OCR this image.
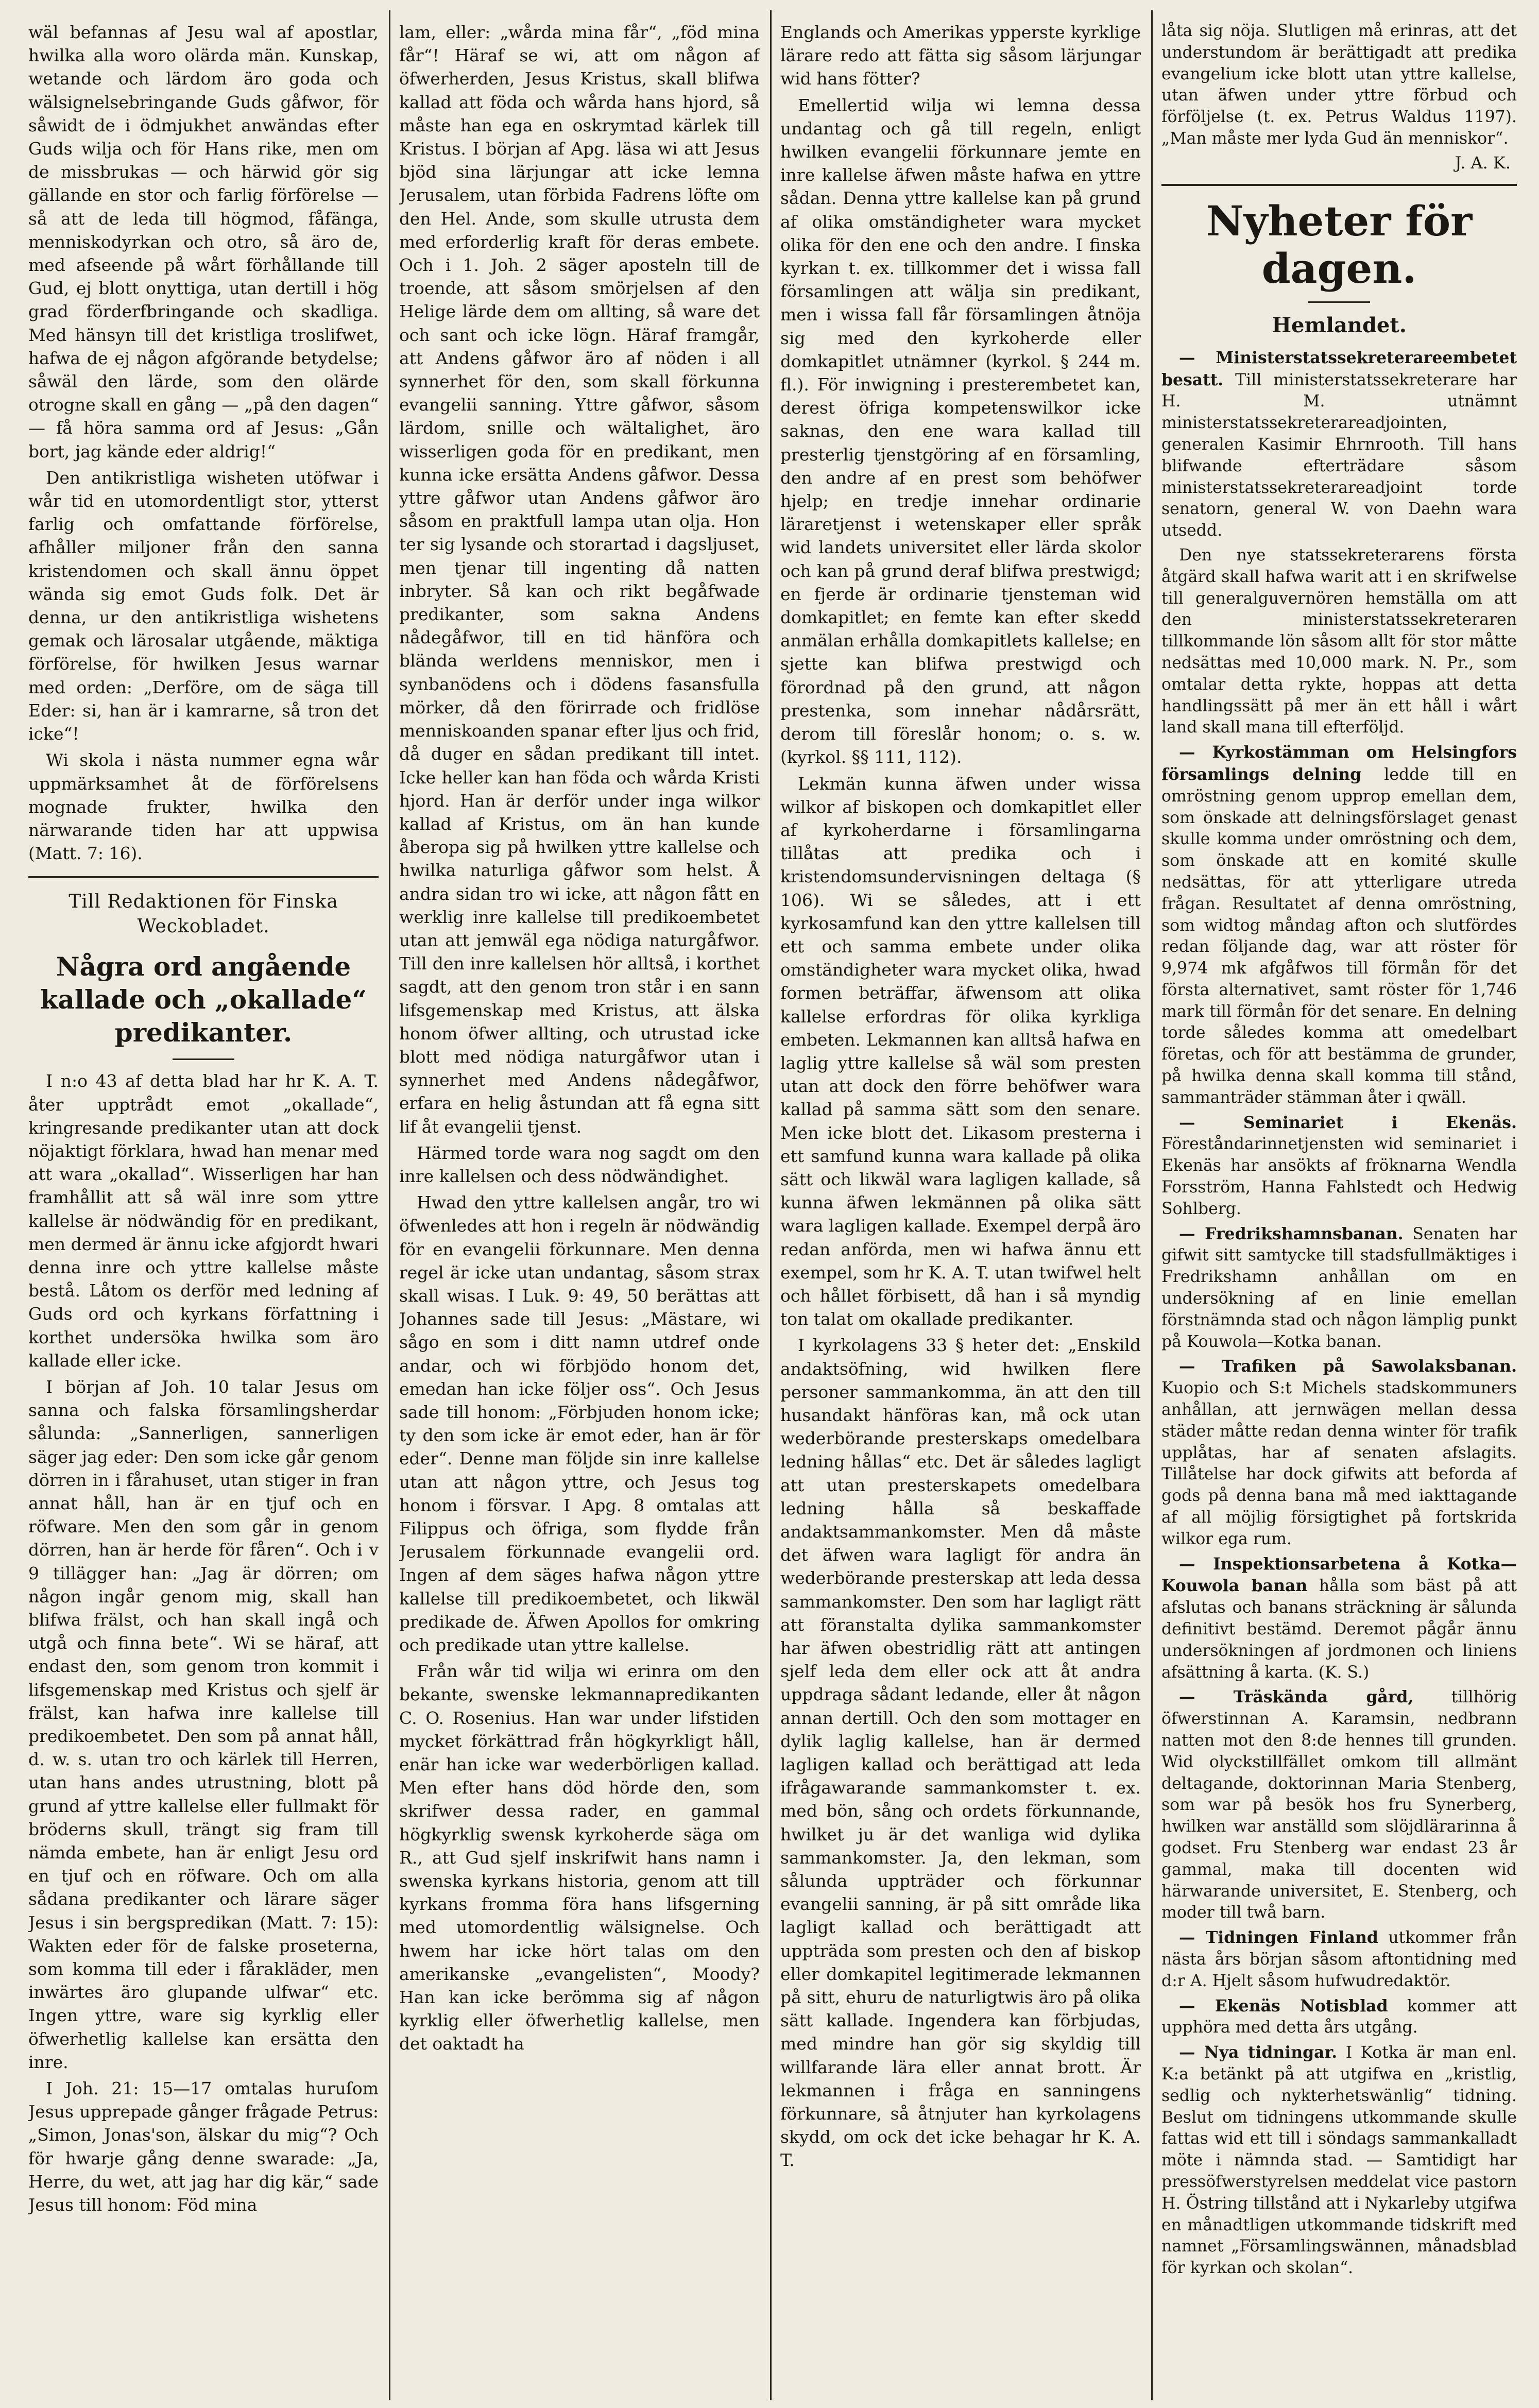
wäl befannas af Jesu wal af apostlar, hwilka alla woro olärda män. Kunskap, wetande och lärdom äro goda och wälsignelsebringande Guds gåfwor, för såwidt de i ödmjukhet anwändas efter Guds wilja och för Hans rike, men om de missbrukas — och härwid gör sig gällande en stor och farlig förförelse — så att de leda till högmod, fåfänga, menniskodyrkan och otro, så äro de, med afseende på wårt förhållande till Gud, ej blott onyttiga, utan dertill i hög grad förderfbringande och skadliga. Med hänsyn till det kristliga troslifwet, hafwa de ej någon afgörande betydelse; såwäl den lärde, som den olärde otrogne skall en gång — „på den dagen“ — få höra samma ord af Jesus: „Gån bort, jag kände eder aldrig!“

Den antikristliga wisheten utöfwar i wår tid en utomordentligt stor, ytterst farlig och omfattande förförelse, afhåller miljoner från den sanna kristendomen och skall ännu öppet wända sig emot Guds folk. Det är denna, ur den antikristliga wishetens gemak och lärosalar utgående, mäktiga förförelse, för hwilken Jesus warnar med orden: „Derföre, om de säga till Eder: si, han är i kamrarne, så tron det icke“!

Wi skola i nästa nummer egna wår uppmärksamhet åt de förförelsens mognade frukter, hwilka den närwarande tiden har att uppwisa (Matt. 7: 16).

Till Redaktionen för Finska Weckobladet.
Några ord angående kallade och „okallade“ predikanter.

I n:o 43 af detta blad har hr K. A. T. åter upptrådt emot „okallade“, kringresande predikanter utan att dock nöjaktigt förklara, hwad han menar med att wara „okallad“. Wisserligen har han framhållit att så wäl inre som yttre kallelse är nödwändig för en predikant, men dermed är ännu icke afgjordt hwari denna inre och yttre kallelse måste bestå. Låtom os derför med ledning af Guds ord och kyrkans författning i korthet undersöka hwilka som äro kallade eller icke.

I början af Joh. 10 talar Jesus om sanna och falska församlingsherdar sålunda: „Sannerligen, sannerligen säger jag eder: Den som icke går genom dörren in i fårahuset, utan stiger in fran annat håll, han är en tjuf och en röfware. Men den som går in genom dörren, han är herde för fåren“. Och i v 9 tillägger han: „Jag är dörren; om någon ingår genom mig, skall han blifwa frälst, och han skall ingå och utgå och finna bete“. Wi se häraf, att endast den, som genom tron kommit i lifsgemenskap med Kristus och sjelf är frälst, kan hafwa inre kallelse till predikoembetet. Den som på annat håll, d. w. s. utan tro och kärlek till Herren, utan hans andes utrustning, blott på grund af yttre kallelse eller fullmakt för bröderns skull, trängt sig fram till nämda embete, han är enligt Jesu ord en tjuf och en röfware. Och om alla sådana predikanter och lärare säger Jesus i sin bergspredikan (Matt. 7: 15): Wakten eder för de falske proseterna, som komma till eder i fårakläder, men inwärtes äro glupande ulfwar“ etc. Ingen yttre, ware sig kyrklig eller öfwerhetlig kallelse kan ersätta den inre.

I Joh. 21: 15—17 omtalas huruſom Jesus upprepade gånger frågade Petrus: „Simon, Jonas'son, älskar du mig“? Och för hwarje gång denne swarade: „Ja, Herre, du wet, att jag har dig kär,“ sade Jesus till honom: Föd mina

lam, eller: „wårda mina får“, „föd mina får“! Häraf se wi, att om någon af öfwerherden, Jesus Kristus, skall blifwa kallad att föda och wårda hans hjord, så måste han ega en oskrymtad kärlek till Kristus. I början af Apg. läsa wi att Jesus bjöd sina lärjungar att icke lemna Jerusalem, utan förbida Fadrens löfte om den Hel. Ande, som skulle utrusta dem med erforderlig kraft för deras embete. Och i 1. Joh. 2 säger aposteln till de troende, att såsom smörjelsen af den Helige lärde dem om allting, så ware det och sant och icke lögn. Häraf framgår, att Andens gåfwor äro af nöden i all synnerhet för den, som skall förkunna evangelii sanning. Yttre gåfwor, såsom lärdom, snille och wältalighet, äro wisserligen goda för en predikant, men kunna icke ersätta Andens gåfwor. Dessa yttre gåfwor utan Andens gåfwor äro såsom en praktfull lampa utan olja. Hon ter sig lysande och storartad i dagsljuset, men tjenar till ingenting då natten inbryter. Så kan och rikt begåfwade predikanter, som sakna Andens nådegåfwor, till en tid hänföra och bländа werldens menniskor, men i synbanödens och i dödens fasansfulla mörker, då den förirrade och fridlöse menniskoanden spanar efter ljus och frid, då duger en sådan predikant till intet. Icke heller kan han föda och wårda Kristi hjord. Han är derför under inga wilkor kallad af Kristus, om än han kunde åberopa sig på hwilken yttre kallelse och hwilka naturliga gåfwor som helst. Å andra sidan tro wi icke, att någon fått en werklig inre kallelse till predikoembetet utan att jemwäl ega nödiga naturgåfwor. Till den inre kallelsen hör alltså, i korthet sagdt, att den genom tron står i en sann lifsgemenskap med Kristus, att älska honom öfwer allting, och utrustad icke blott med nödiga naturgåfwor utan i synnerhet med Andens nådegåfwor, erfara en helig åstundan att få egna sitt lif åt evangelii tjenst.

Härmed torde wara nog sagdt om den inre kallelsen och dess nödwändighet.

Hwad den yttre kallelsen angår, tro wi öfwenledes att hon i regeln är nödwändig för en evangelii förkunnare. Men denna regel är icke utan undantag, såsom strax skall wisas. I Luk. 9: 49, 50 berättas att Johannes sade till Jesus: „Mästare, wi sågo en som i ditt namn utdref onde andar, och wi förbjödo honom det, emedan han icke följer oss“. Och Jesus sade till honom: „Förbjuden honom icke; ty den som icke är emot eder, han är för eder“. Denne man följde sin inre kallelse utan att någon yttre, och Jesus tog honom i försvar. I Apg. 8 omtalas att Filippus och öfriga, som flydde från Jerusalem förkunnade evangelii ord. Ingen af dem säges hafwa någon yttre kallelse till predikoembetet, och likwäl predikade de. Äfwen Apollos for omkring och predikade utan yttre kallelse.

Från wår tid wilja wi erinra om den bekante, swenske lekmannapredikanten C. O. Rosenius. Han war under lifstiden mycket förkättrad från högkyrkligt håll, enär han icke war wederbörligen kallad. Men efter hans död hörde den, som skrifwer dessa rader, en gammal högkyrklig swensk kyrkoherde säga om R., att Gud sjelf inskrifwit hans namn i swenska kyrkans historia, genom att till kyrkans fromma föra hans lifsgerning med utomordentlig wälsignelse. Och hwem har icke hört talas om den amerikanske „evangelisten“, Moody? Han kan icke berömma sig af någon kyrklig eller öfwerhetlig kallelse, men det oaktadt ha

Englands och Amerikas ypperste kyrklige lärare redo att fätta sig såsom lärjungar wid hans fötter?

Emellertid wilja wi lemna dessa undantag och gå till regeln, enligt hwilken evangelii förkunnare jemte en inre kallelse äfwen måste hafwa en yttre sådan. Denna yttre kallelse kan på grund af olika omständigheter wara mycket olika för den ene och den andre. I finska kyrkan t. ex. tillkommer det i wissa fall församlingen att wälja sin predikant, men i wissa fall får församlingen åtnöja sig med den kyrkoherde eller domkapitlet utnämner (kyrkol. § 244 m. fl.). För inwigning i presterembetet kan, derest öfriga kompetenswilkor icke saknas, den ene wara kallad till presterlig tjenstgöring af en församling, den andre af en prest som behöfwer hjelp; en tredje innehar ordinarie lärаretjenst i wetenskaper eller språk wid landets universitet eller lärda skolor och kan på grund deraf blifwa prestwigd; en fjerde är ordinarie tjensteman wid domkapitlet; en femte kan efter skedd anmälan erhålla domkapitlets kallelse; en sjette kan blifwa prestwigd och förordnad på den grund, att någon prestenka, som innehar nådårsrätt, derom till föreslår honom; o. s. w. (kyrkol. §§ 111, 112).

Lekmän kunna äfwen under wissa wilkor af biskopen och domkapitlet eller af kyrkoherdarne i församlingarna tillåtas att predika och i kristendomsundervisningen deltaga (§ 106). Wi se således, att i ett kyrkosamfund kan den yttre kallelsen till ett och samma embete under olika omständigheter wara mycket olika, hwad formen beträffar, äfwensom att olika kallelse erfordras för olika kyrkliga embeten. Lekmannen kan alltså hafwa en laglig yttre kallelse så wäl som presten utan att dock den förre behöfwer wara kallad på samma sätt som den senare. Men icke blott det. Likasom presterna i ett samfund kunna wara kallade på olika sätt och likwäl wara lagligen kallade, så kunna äfwen lekmännen på olika sätt wara lagligen kallade. Exempel derpå äro redan anförda, men wi hafwa ännu ett exempel, som hr K. A. T. utan twifwel helt och hållet förbisett, då han i så myndig ton talat om okallade predikanter.

I kyrkolagens 33 § heter det: „Enskild andaktsöfning, wid hwilken flere personer sammankomma, än att den till husandakt hänföras kan, må ock utan wederbörande presterskaps omedelbara ledning hållas“ etc. Det är således lagligt att utan presterskapets omedelbara ledning hålla så beskaffade andaktsammankomster. Men då måste det äfwen wara lagligt för andra än wederbörande presterskap att leda dessa sammankomster. Den som har lagligt rätt att föranstalta dylika sammankomster har äfwen obestridlig rätt att antingen sjelf leda dem eller ock att åt andra uppdraga sådant ledande, eller åt någon annan dertill. Och den som mottager en dylik laglig kallelse, han är dermed lagligen kallad och berättigad att leda ifrågawarande sammankomster t. ex. med bön, sång och ordets förkunnande, hwilket ju är det wanliga wid dylika sammankomster. Ja, den lekman, som sålunda uppträder och förkunnar evangelii sanning, är på sitt område lika lagligt kallad och berättigadt att uppträda som presten och den af biskop eller domkapitel legitimerade lekmannen på sitt, ehuru de naturligtwis äro på olika sätt kallade. Ingendera kan förbjudas, med mindre han gör sig skyldig till willfarande lära eller annat brott. Är lekmannen i fråga en sanningens förkunnare, så åtnjuter han kyrkolagens skydd, om ock det icke behagar hr K. A. T.

låta sig nöja. Slutligen må erinras, att det understundom är berättigadt att predika evangelium icke blott utan yttre kallelse, utan äfwen under yttre förbud och förföljelse (t. ex. Petrus Waldus 1197). „Man måste mer lyda Gud än menniskor“.

J. A. K.
Nyheter för dagen.
Hemlandet.

— Ministerstatssekreterareembetet besatt. Till ministerstatssekreterare har H. M. utnämnt ministerstatssekreterareadjointen, generalen Kasimir Ehrnrooth. Till hans blifwande efterträdare såsom ministerstatssekreterareadjoint torde senatorn, general W. von Daehn wara utsedd.

Den nye statssekreterarens första åtgärd skall hafwa warit att i en skrifwelse till generalguvernören hemställa om att den ministerstatssekreteraren tillkommande lön såsom allt för stor måtte nedsättas med 10,000 mark. N. Pr., som omtalar detta rykte, hoppas att detta handlingssätt på mer än ett håll i wårt land skall mana till efterföljd.

— Kyrkostämman om Helsingfors församlings delning ledde till en omröstning genom upprop emellan dem, som önskade att delningsförslaget genast skulle komma under omröstning och dem, som önskade att en komité skulle nedsättas, för att ytterligare utreda frågan. Resultatet af denna omröstning, som widtog måndag afton och slutfördes redan följande dag, war att röster för 9,974 mk afgåfwos till förmån för det första alternativet, samt röster för 1,746 mark till förmån för det senare. En delning torde således komma att omedelbart företas, och för att bestämma de grunder, på hwilka denna skall komma till stånd, sammanträder stämman åter i qwäll.

— Seminariet i Ekenäs. Föreståndarinnetjensten wid seminariet i Ekenäs har ansökts af fröknarna Wendla Forsström, Hanna Fahlstedt och Hedwig Sohlberg.

— Fredrikshamnsbanan. Senaten har gifwit sitt samtycke till stadsfullmäktiges i Fredrikshamn anhållan om en undersökning af en linie emellan förstnämnda stad och någon lämplig punkt på Kouwola—Kotka banan.

— Trafiken på Sawolaksbanan. Kuopio och S:t Michels stadskommuners anhållan, att jernwägen mellan dessa städer måtte redan denna winter för trafik upplåtas, har af senaten afslagits. Tillåtelse har dock gifwits att beforda af gods på denna bana må med iakttagande af all möjlig försigtighet på fortskrida wilkor ega rum.

— Inspektionsarbetena å Kotka—Kouwola banan hålla som bäst på att afslutas och banans sträckning är sålunda definitivt bestämd. Deremot pågår ännu undersökningen af jordmonen och liniens afsättning å karta. (K. S.)

— Träskända gård, tillhörig öfwerstinnan A. Karamsin, nedbrann natten mot den 8:de hennes till grunden. Wid olyckstillfället omkom till allmänt deltagande, doktorinnan Maria Stenberg, som war på besök hos fru Synerberg, hwilken war anställd som slöjdlärarinna å godset. Fru Stenberg war endast 23 år gammal, maka till docenten wid härwarande universitet, E. Stenberg, och moder till twå barn.

— Tidningen Finland utkommer från nästa års början såsom aftontidning med d:r A. Hjelt såsom hufwudredaktör.

— Ekenäs Notisblad kommer att upphöra med detta års utgång.

— Nya tidningar. I Kotka är man enl. K:a betänkt på att utgifwa en „kristlig, sedlig och nykterhetswänlig“ tidning. Beslut om tidningens utkommande skulle fattas wid ett till i söndags sammankalladt möte i nämnda stad. — Samtidigt har pressöfwerstyrelsen meddelat vice pastorn H. Östring tillstånd att i Nykarleby utgifwa en månadtligen utkommande tidskrift med namnet „Församlingswännen, månadsblad för kyrkan och skolan“.
